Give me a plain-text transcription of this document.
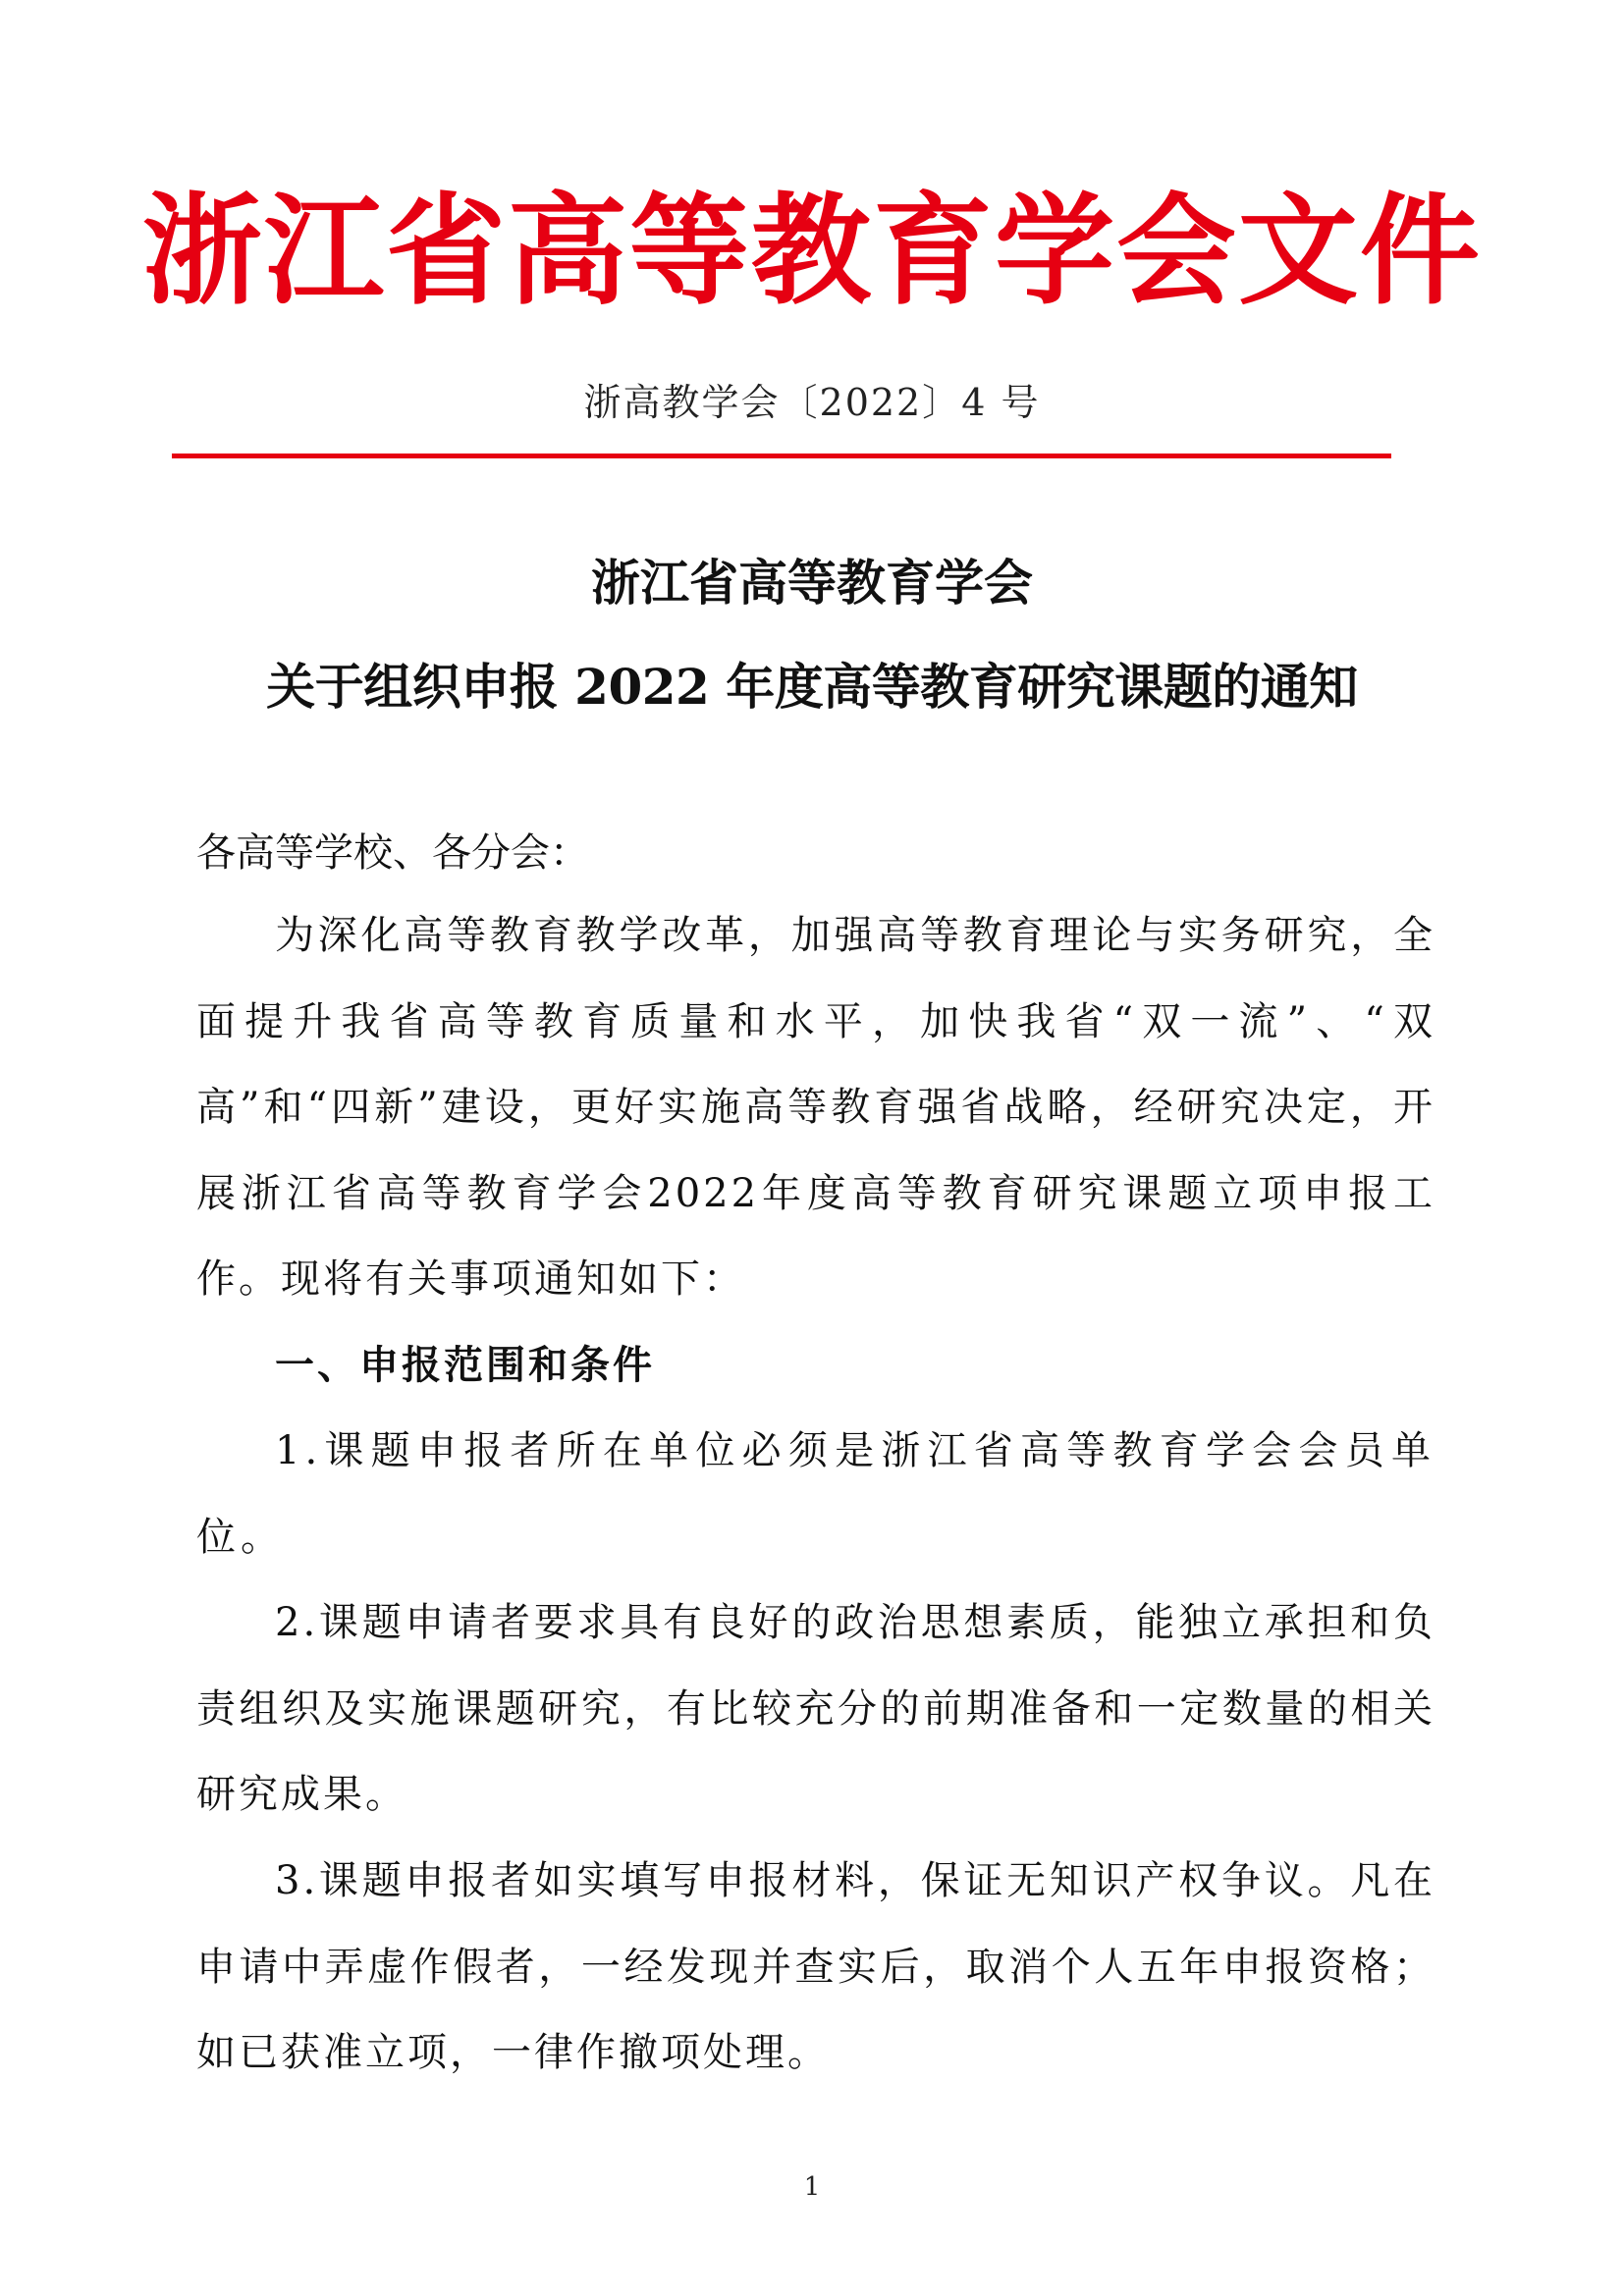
浙江省高等教育学会文件
浙高教学会〔2022〕4 号
浙江省高等教育学会
关于组织申报 2022 年度高等教育研究课题的通知
各高等学校、各分会：
为深化高等教育教学改革，加强高等教育理论与实务研究，全面提升我省高等教育质量和水平，加快我省“双一流”、“双高”和“四新”建设，更好实施高等教育强省战略，经研究决定，开展浙江省高等教育学会2022年度高等教育研究课题立项申报工作。现将有关事项通知如下：
一、申报范围和条件
1.课题申报者所在单位必须是浙江省高等教育学会会员单位。
2.课题申请者要求具有良好的政治思想素质，能独立承担和负责组织及实施课题研究，有比较充分的前期准备和一定数量的相关研究成果。
3.课题申报者如实填写申报材料，保证无知识产权争议。凡在申请中弄虚作假者，一经发现并查实后，取消个人五年申报资格；如已获准立项，一律作撤项处理。
1
